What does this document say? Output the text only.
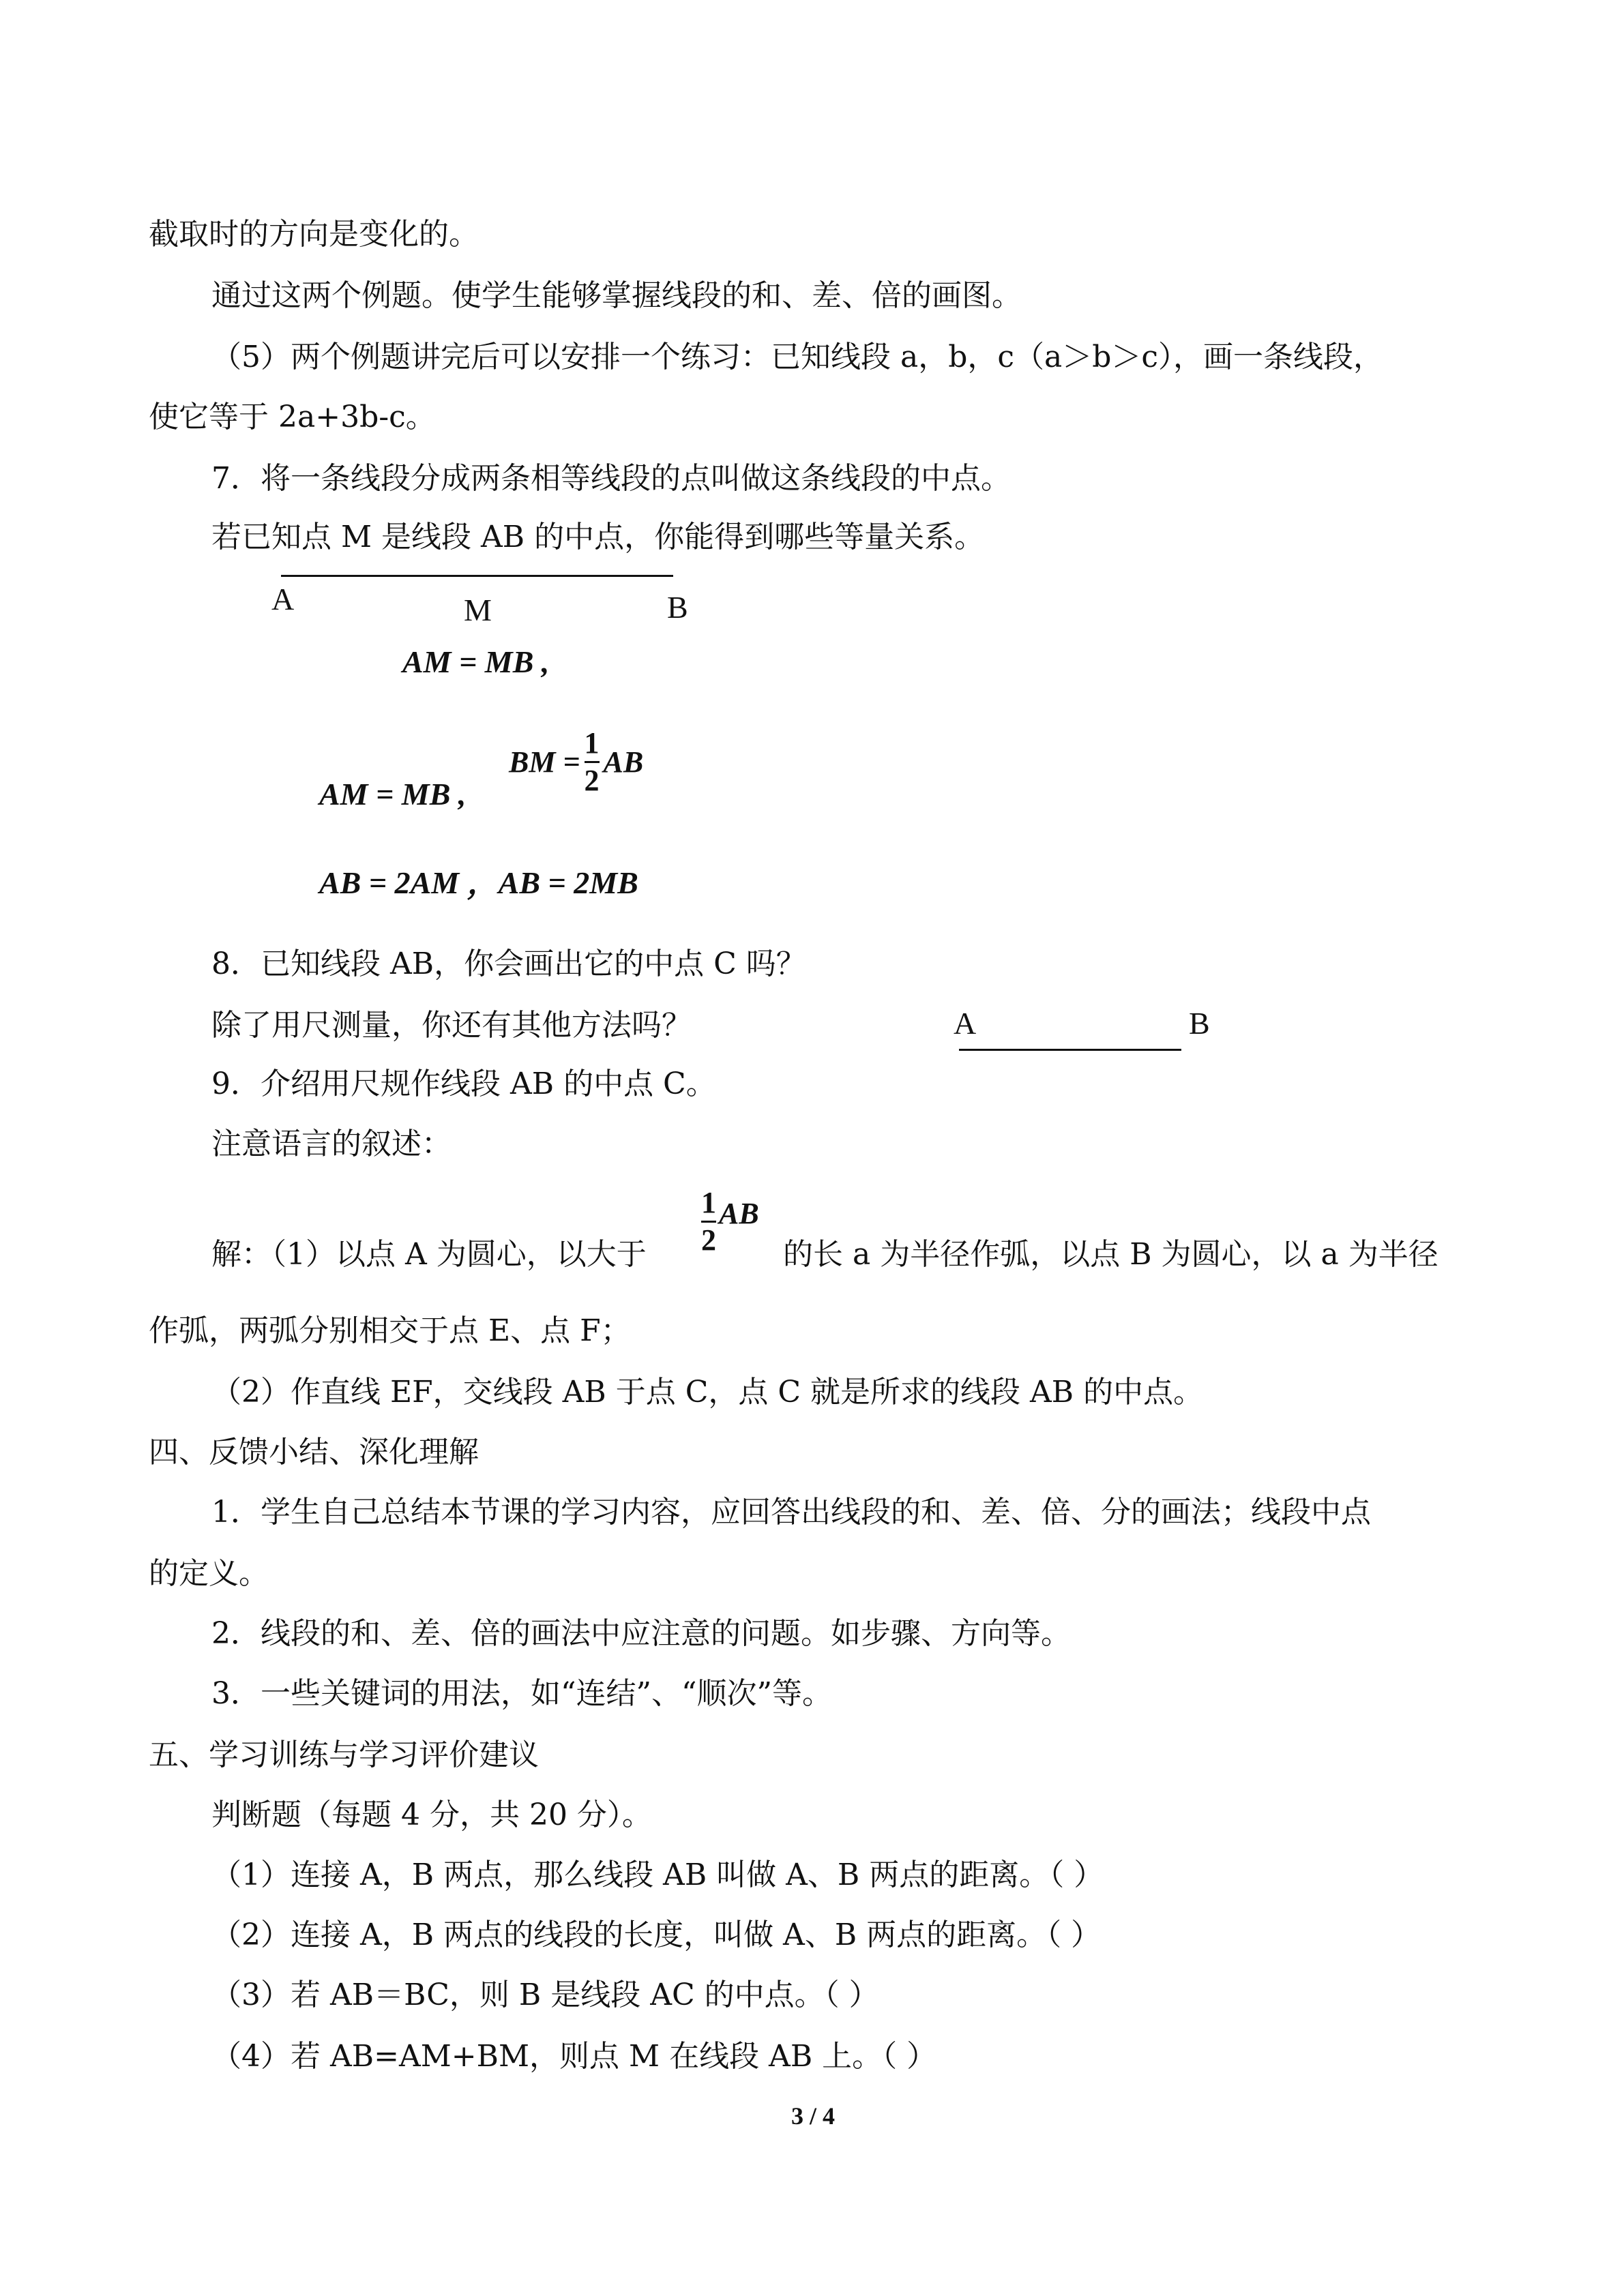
截取时的方向是变化的。
通过这两个例题。使学生能够掌握线段的和、差、倍的画图。
（5）两个例题讲完后可以安排一个练习：已知线段 a，b，c（a＞b＞c），画一条线段，
使它等于 2a+3b-c。
7．将一条线段分成两条相等线段的点叫做这条线段的中点。
若已知点 M 是线段 AB 的中点，你能得到哪些等量关系。
A	M	B
AM = MB ,
BM = $\frac{1}{2}$ AB
AM = MB ,
AB = 2AM ，AB = 2MB
8．已知线段 AB，你会画出它的中点 C 吗？
除了用尺测量，你还有其他方法吗？	A	B
9．介绍用尺规作线段 AB 的中点 C。
注意语言的叙述：
解：（1）以点 A 为圆心，以大于 $\frac{1}{2}$ AB
的长 a 为半径作弧，以点 B 为圆心，以 a 为半径
作弧，两弧分别相交于点 E、点 F；
（2）作直线 EF，交线段 AB 于点 C，点 C 就是所求的线段 AB 的中点。
四、反馈小结、深化理解
1．学生自己总结本节课的学习内容，应回答出线段的和、差、倍、分的画法；线段中点
的定义。
2．线段的和、差、倍的画法中应注意的问题。如步骤、方向等。
3．一些关键词的用法，如“连结”、“顺次”等。
五、学习训练与学习评价建议
判断题（每题 4 分，共 20 分）。
（1）连接 A，B 两点，那么线段 AB 叫做 A、B 两点的距离。（ ）
（2）连接 A，B 两点的线段的长度，叫做 A、B 两点的距离。（ ）
（3）若 AB＝BC，则 B 是线段 AC 的中点。（ ）
（4）若 AB=AM+BM，则点 M 在线段 AB 上。（ ）
3 / 4
